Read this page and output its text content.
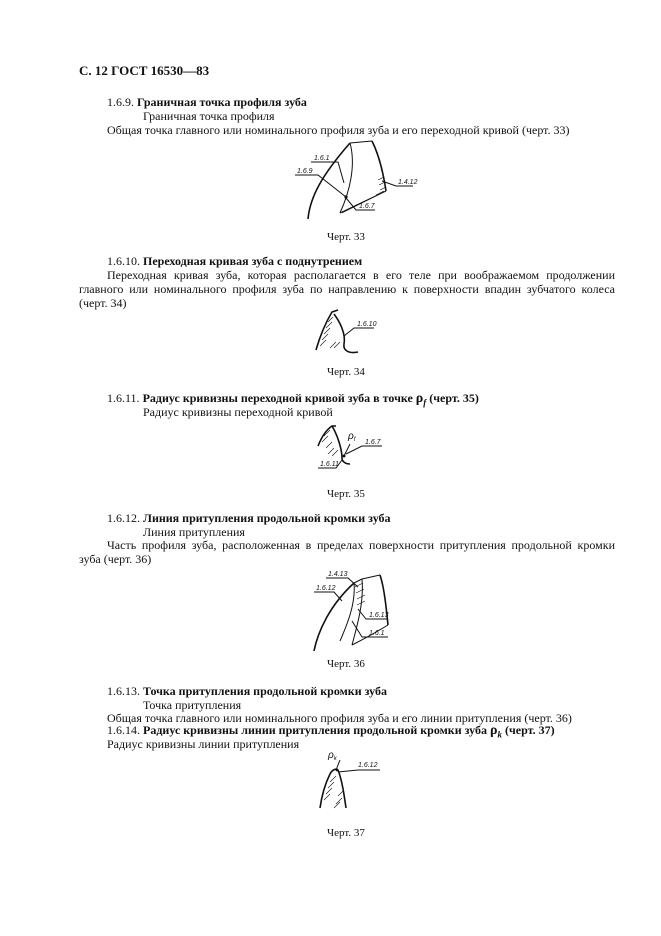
С. 12 ГОСТ 16530—83
1.6.9. Граничная точка профиля зуба
Граничная точка профиля
Общая точка главного или номинального профиля зуба и его переходной кривой (черт. 33)
1.6.1
1.6.9
1.4.12
1.6.7
Черт. 33
1.6.10. Переходная кривая зуба с поднутрением
Переходная кривая зуба, которая располагается в его теле при воображаемом продолжении главного или номинального профиля зуба по направлению к поверхности впадин зубчатого колеса (черт. 34)
1.6.10
Черт. 34
1.6.11. Радиус кривизны переходной кривой зуба в точке $\rho_f$ (черт. 35)
Радиус кривизны переходной кривой
$\rho_f$ 1.6.7
1.6.11
Черт. 35
1.6.12. Линия притупления продольной кромки зуба
Линия притупления
Часть профиля зуба, расположенная в пределах поверхности притупления продольной кромки зуба (черт. 36)
1.4.13
1.6.12
1.6.13
1.6.1
Черт. 36
1.6.13. Точка притупления продольной кромки зуба
Точка притупления
Общая точка главного или номинального профиля зуба и его линии притупления (черт. 36)
1.6.14. Радиус кривизны линии притупления продольной кромки зуба $\rho_k$ (черт. 37)
Радиус кривизны линии притупления
$\rho_k$
1.6.12
Черт. 37
